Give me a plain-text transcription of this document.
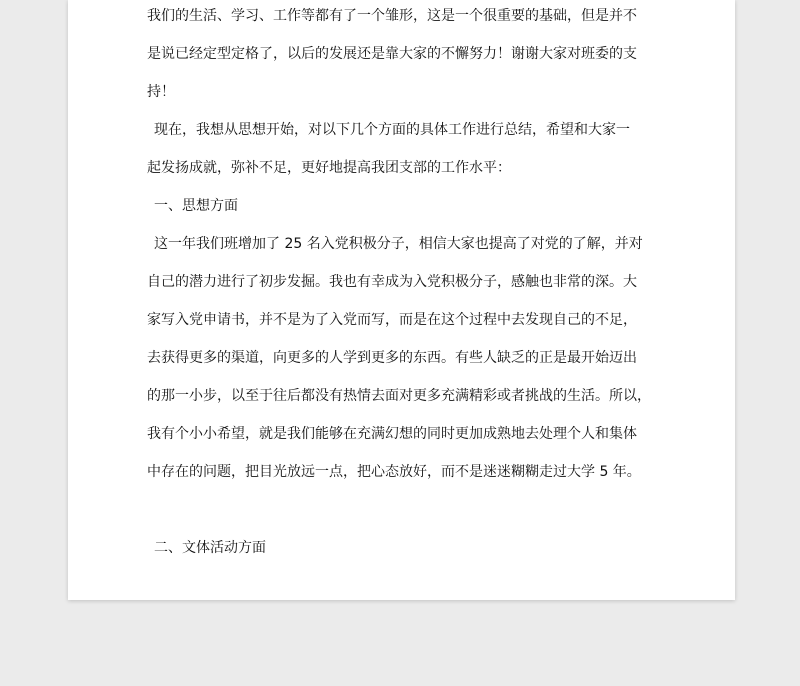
我们的生活、学习、工作等都有了一个雏形，这是一个很重要的基础，但是并不
是说已经定型定格了，以后的发展还是靠大家的不懈努力！谢谢大家对班委的支
持！
现在，我想从思想开始，对以下几个方面的具体工作进行总结，希望和大家一
起发扬成就，弥补不足，更好地提高我团支部的工作水平：
一、思想方面
这一年我们班增加了 25 名入党积极分子，相信大家也提高了对党的了解，并对
自己的潜力进行了初步发掘。我也有幸成为入党积极分子，感触也非常的深。大
家写入党申请书，并不是为了入党而写，而是在这个过程中去发现自己的不足，
去获得更多的渠道，向更多的人学到更多的东西。有些人缺乏的正是最开始迈出
的那一小步，以至于往后都没有热情去面对更多充满精彩或者挑战的生活。所以，
我有个小小希望，就是我们能够在充满幻想的同时更加成熟地去处理个人和集体
中存在的问题，把目光放远一点，把心态放好，而不是迷迷糊糊走过大学 5 年。
二、文体活动方面
